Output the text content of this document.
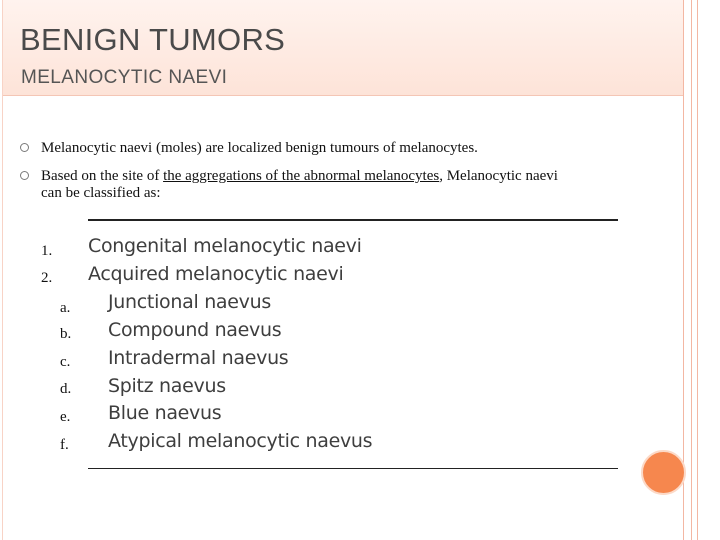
BENIGN TUMORS
MELANOCYTIC NAEVI
Melanocytic naevi (moles) are localized benign tumours of melanocytes.
Based on the site of the aggregations of the abnormal melanocytes, Melanocytic naevi
can be classified as:
1. Congenital melanocytic naevi
2. Acquired melanocytic naevi
a. Junctional naevus
b. Compound naevus
c. Intradermal naevus
d. Spitz naevus
e. Blue naevus
f. Atypical melanocytic naevus
